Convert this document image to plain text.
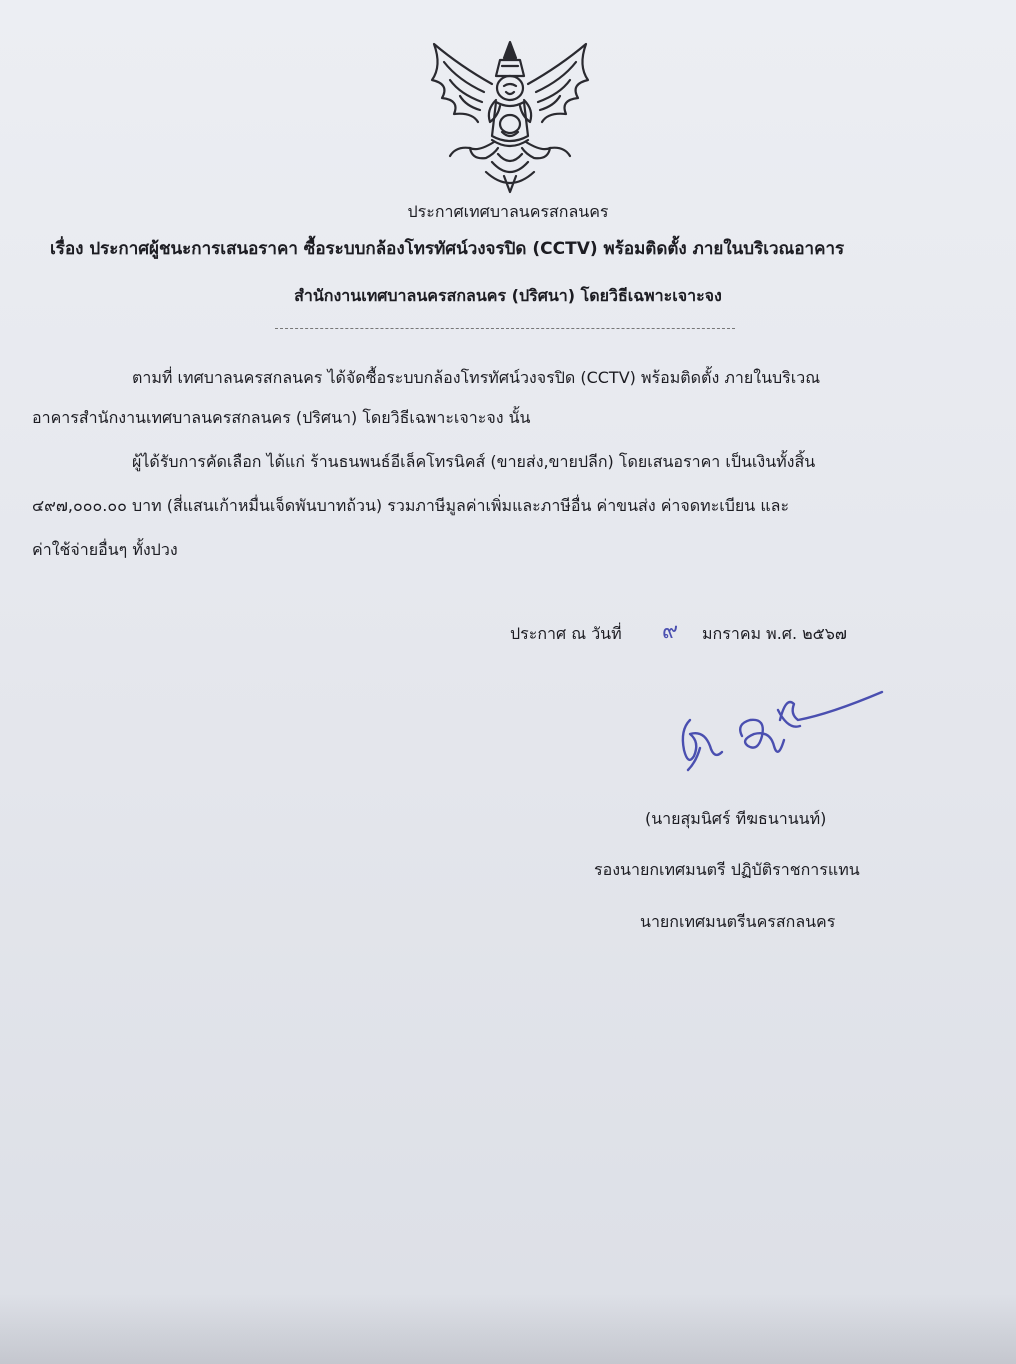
ประกาศเทศบาลนครสกลนคร
เรื่อง ประกาศผู้ชนะการเสนอราคา ซื้อระบบกล้องโทรทัศน์วงจรปิด (CCTV) พร้อมติดตั้ง ภายในบริเวณอาคาร
สำนักงานเทศบาลนครสกลนคร (ปริศนา) โดยวิธีเฉพาะเจาะจง
ตามที่ เทศบาลนครสกลนคร ได้จัดซื้อระบบกล้องโทรทัศน์วงจรปิด (CCTV) พร้อมติดตั้ง ภายในบริเวณ
อาคารสำนักงานเทศบาลนครสกลนคร (ปริศนา) โดยวิธีเฉพาะเจาะจง นั้น
ผู้ได้รับการคัดเลือก ได้แก่ ร้านธนพนธ์อีเล็คโทรนิคส์ (ขายส่ง,ขายปลีก) โดยเสนอราคา เป็นเงินทั้งสิ้น
๔๙๗,๐๐๐.๐๐ บาท (สี่แสนเก้าหมื่นเจ็ดพันบาทถ้วน) รวมภาษีมูลค่าเพิ่มและภาษีอื่น ค่าขนส่ง ค่าจดทะเบียน และ
ค่าใช้จ่ายอื่นๆ ทั้งปวง
ประกาศ ณ วันที่ ๙ มกราคม พ.ศ. ๒๕๖๗
(นายสุมนิศร์ ทีฆธนานนท์)
รองนายกเทศมนตรี ปฏิบัติราชการแทน
นายกเทศมนตรีนครสกลนคร
